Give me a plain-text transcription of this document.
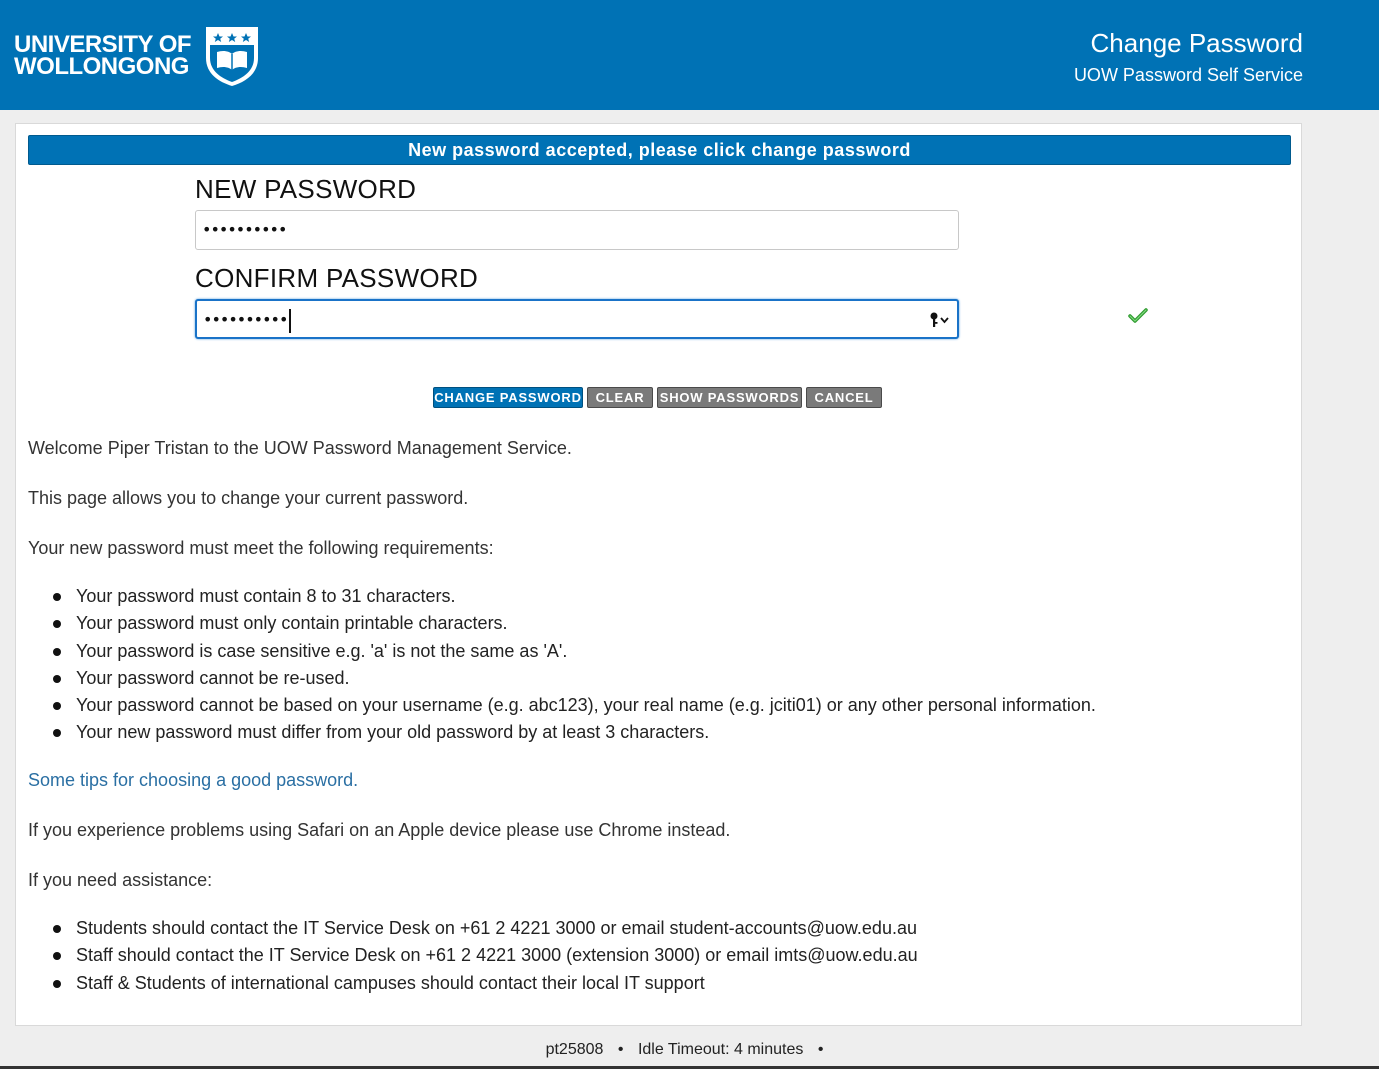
UNIVERSITY OF
WOLLONGONG
Change Password
UOW Password Self Service
New password accepted, please click change password
NEW PASSWORD
••••••••••
CONFIRM PASSWORD
••••••••••
CHANGE PASSWORD	CLEAR	SHOW PASSWORDS	CANCEL

Welcome Piper Tristan to the UOW Password Management Service.

This page allows you to change your current password.

Your new password must meet the following requirements:

Your password must contain 8 to 31 characters.
Your password must only contain printable characters.
Your password is case sensitive e.g. 'a' is not the same as 'A'.
Your password cannot be re-used.
Your password cannot be based on your username (e.g. abc123), your real name (e.g. jciti01) or any other personal information.
Your new password must differ from your old password by at least 3 characters.

Some tips for choosing a good password.

If you experience problems using Safari on an Apple device please use Chrome instead.

If you need assistance:

Students should contact the IT Service Desk on +61 2 4221 3000 or email student-accounts@uow.edu.au
Staff should contact the IT Service Desk on +61 2 4221 3000 (extension 3000) or email imts@uow.edu.au
Staff & Students of international campuses should contact their local IT support
pt25808 • Idle Timeout: 4 minutes •
